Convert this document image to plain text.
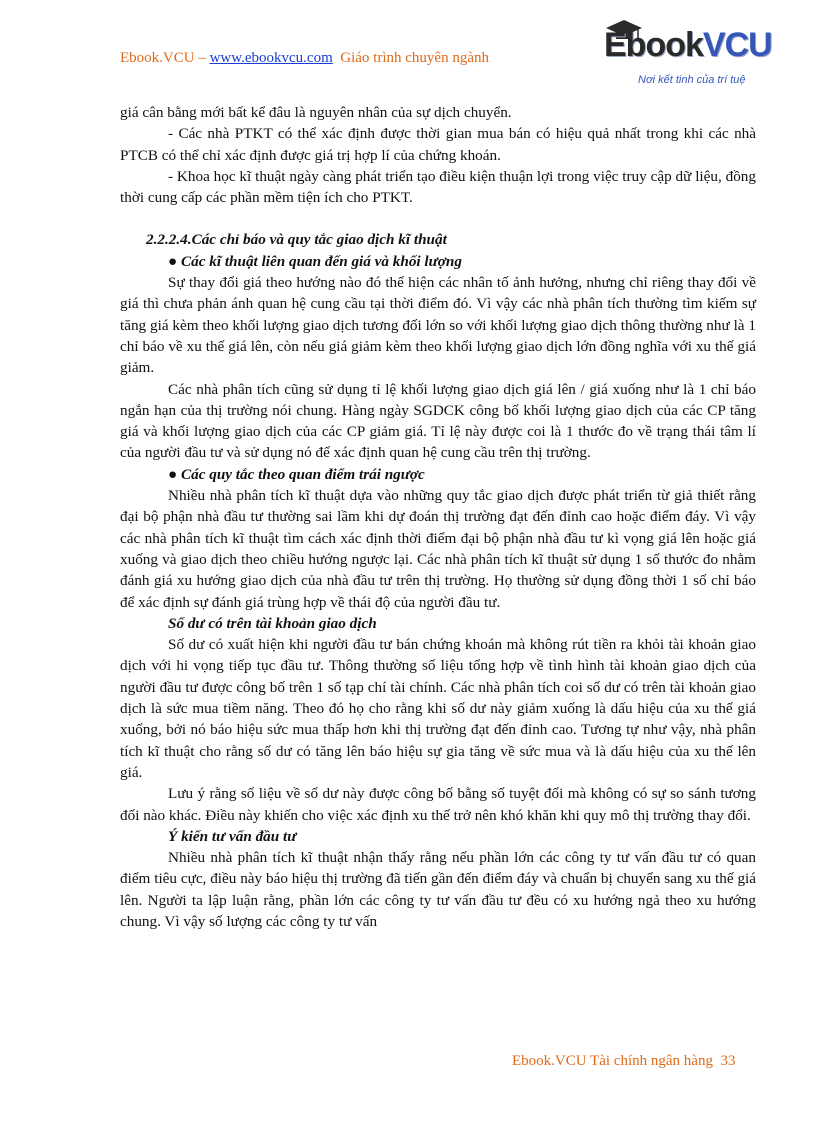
Ebook.VCU – www.ebookvcu.com Giáo trình chuyên ngành	EbookVCU
Nơi kết tinh của trí tuệ

giá cân bằng mới bất kể đâu là nguyên nhân của sự dịch chuyển.

- Các nhà PTKT có thể xác định được thời gian mua bán có hiệu quả nhất trong khi các nhà PTCB có thể chỉ xác định được giá trị hợp lí của chứng khoán.

- Khoa học kĩ thuật ngày càng phát triển tạo điều kiện thuận lợi trong việc truy cập dữ liệu, đồng thời cung cấp các phần mềm tiện ích cho PTKT.

2.2.2.4.Các chỉ báo và quy tắc giao dịch kĩ thuật

● Các kĩ thuật liên quan đến giá và khối lượng

Sự thay đổi giá theo hướng nào đó thể hiện các nhân tố ảnh hưởng, nhưng chỉ riêng thay đổi về giá thì chưa phản ánh quan hệ cung cầu tại thời điểm đó. Vì vậy các nhà phân tích thường tìm kiếm sự tăng giá kèm theo khối lượng giao dịch tương đối lớn so với khối lượng giao dịch thông thường như là 1 chỉ báo về xu thế giá lên, còn nếu giá giảm kèm theo khối lượng giao dịch lớn đồng nghĩa với xu thế giá giảm.

Các nhà phân tích cũng sử dụng tỉ lệ khối lượng giao dịch giá lên / giá xuống như là 1 chỉ báo ngắn hạn của thị trường nói chung. Hàng ngày SGDCK công bố khối lượng giao dịch của các CP tăng giá và khối lượng giao dịch của các CP giảm giá. Tỉ lệ này được coi là 1 thước đo về trạng thái tâm lí của người đầu tư và sử dụng nó để xác định quan hệ cung cầu trên thị trường.

● Các quy tắc theo quan điểm trái ngược

Nhiều nhà phân tích kĩ thuật dựa vào những quy tắc giao dịch được phát triển từ giả thiết rằng đại bộ phận nhà đầu tư thường sai lầm khi dự đoán thị trường đạt đến đỉnh cao hoặc điểm đáy. Vì vậy các nhà phân tích kĩ thuật tìm cách xác định thời điểm đại bộ phận nhà đầu tư kì vọng giá lên hoặc giá xuống và giao dịch theo chiều hướng ngược lại. Các nhà phân tích kĩ thuật sử dụng 1 số thước đo nhằm đánh giá xu hướng giao dịch của nhà đầu tư trên thị trường. Họ thường sử dụng đồng thời 1 số chỉ báo để xác định sự đánh giá trùng hợp về thái độ của người đầu tư.

Số dư có trên tài khoản giao dịch

Số dư có xuất hiện khi người đầu tư bán chứng khoán mà không rút tiền ra khỏi tài khoản giao dịch với hi vọng tiếp tục đầu tư. Thông thường số liệu tổng hợp về tình hình tài khoản giao dịch của người đầu tư được công bố trên 1 số tạp chí tài chính. Các nhà phân tích coi số dư có trên tài khoản giao dịch là sức mua tiềm năng. Theo đó họ cho rằng khi số dư này giảm xuống là dấu hiệu của xu thế giá xuống, bởi nó báo hiệu sức mua thấp hơn khi thị trường đạt đến đỉnh cao. Tương tự như vậy, nhà phân tích kĩ thuật cho rằng số dư có tăng lên báo hiệu sự gia tăng về sức mua và là dấu hiệu của xu thế lên giá.

Lưu ý rằng số liệu về số dư này được công bố bằng số tuyệt đối mà không có sự so sánh tương đối nào khác. Điều này khiến cho việc xác định xu thế trở nên khó khăn khi quy mô thị trường thay đổi.

Ý kiến tư vấn đầu tư

Nhiều nhà phân tích kĩ thuật nhận thấy rằng nếu phần lớn các công ty tư vấn đầu tư có quan điểm tiêu cực, điều này báo hiệu thị trường đã tiến gần đến điểm đáy và chuẩn bị chuyển sang xu thế giá lên. Người ta lập luận rằng, phần lớn các công ty tư vấn đầu tư đều có xu hướng ngả theo xu hướng chung. Vì vậy số lượng các công ty tư vấn

Ebook.VCU Tài chính ngân hàng 33
